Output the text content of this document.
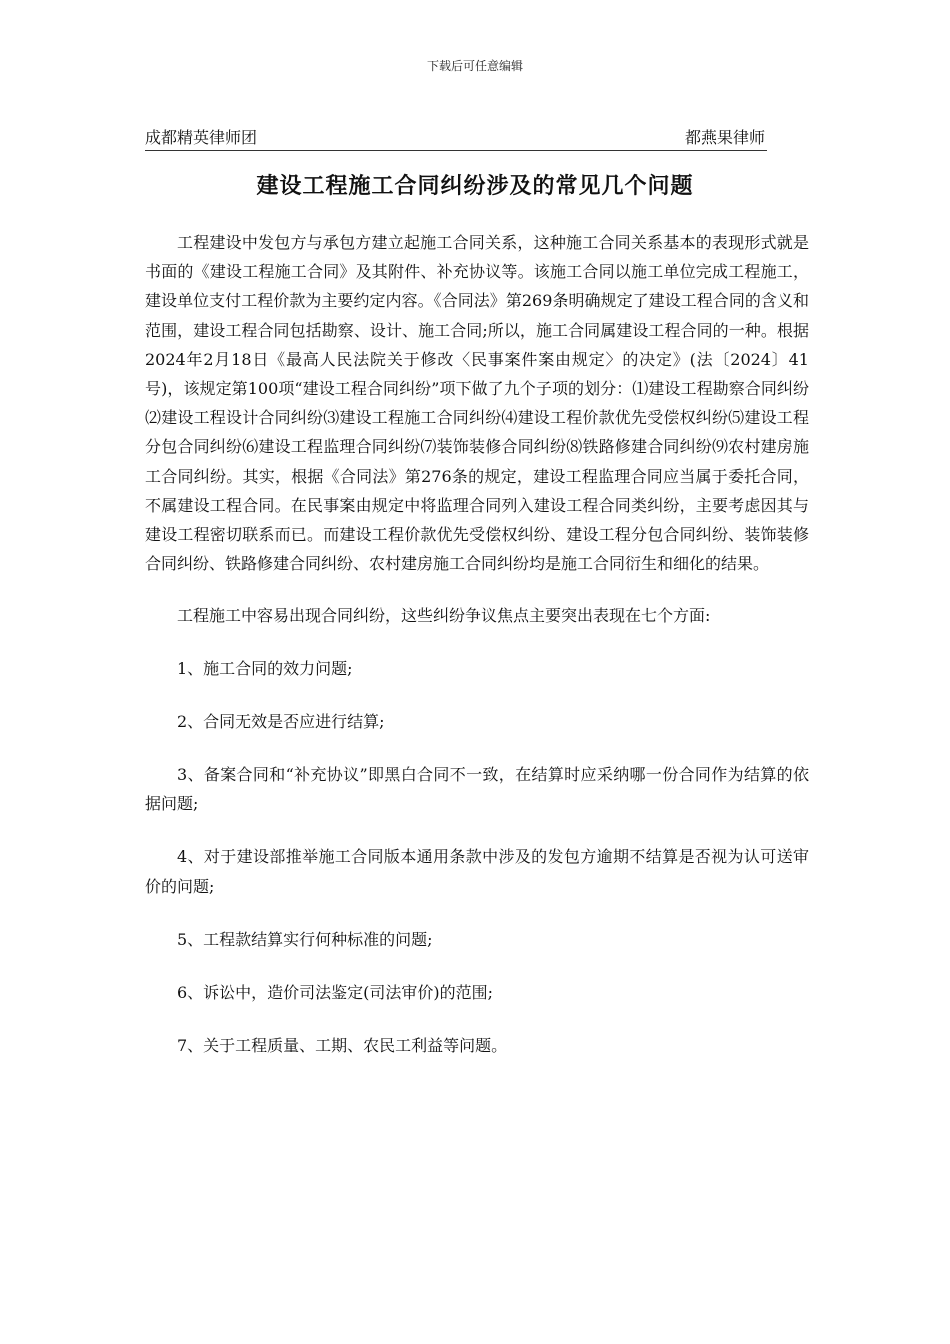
下载后可任意编辑
成都精英律师团	都燕果律师
建设工程施工合同纠纷涉及的常见几个问题

工程建设中发包方与承包方建立起施工合同关系，这种施工合同关系基本的表现形式就是书面的《建设工程施工合同》及其附件、补充协议等。该施工合同以施工单位完成工程施工，建设单位支付工程价款为主要约定内容。《合同法》第269条明确规定了建设工程合同的含义和范围，建设工程合同包括勘察、设计、施工合同;所以，施工合同属建设工程合同的一种。根据2024年2月18日《最高人民法院关于修改〈民事案件案由规定〉的决定》(法〔2024〕41号)，该规定第100项“建设工程合同纠纷”项下做了九个子项的划分：⑴建设工程勘察合同纠纷⑵建设工程设计合同纠纷⑶建设工程施工合同纠纷⑷建设工程价款优先受偿权纠纷⑸建设工程分包合同纠纷⑹建设工程监理合同纠纷⑺装饰装修合同纠纷⑻铁路修建合同纠纷⑼农村建房施工合同纠纷。其实，根据《合同法》第276条的规定，建设工程监理合同应当属于委托合同，不属建设工程合同。在民事案由规定中将监理合同列入建设工程合同类纠纷，主要考虑因其与建设工程密切联系而已。而建设工程价款优先受偿权纠纷、建设工程分包合同纠纷、装饰装修合同纠纷、铁路修建合同纠纷、农村建房施工合同纠纷均是施工合同衍生和细化的结果。

工程施工中容易出现合同纠纷，这些纠纷争议焦点主要突出表现在七个方面:

1、施工合同的效力问题;

2、合同无效是否应进行结算;

3、备案合同和“补充协议”即黑白合同不一致，在结算时应采纳哪一份合同作为结算的依据问题;

4、对于建设部推举施工合同版本通用条款中涉及的发包方逾期不结算是否视为认可送审价的问题;

5、工程款结算实行何种标准的问题;

6、诉讼中，造价司法鉴定(司法审价)的范围;

7、关于工程质量、工期、农民工利益等问题。
